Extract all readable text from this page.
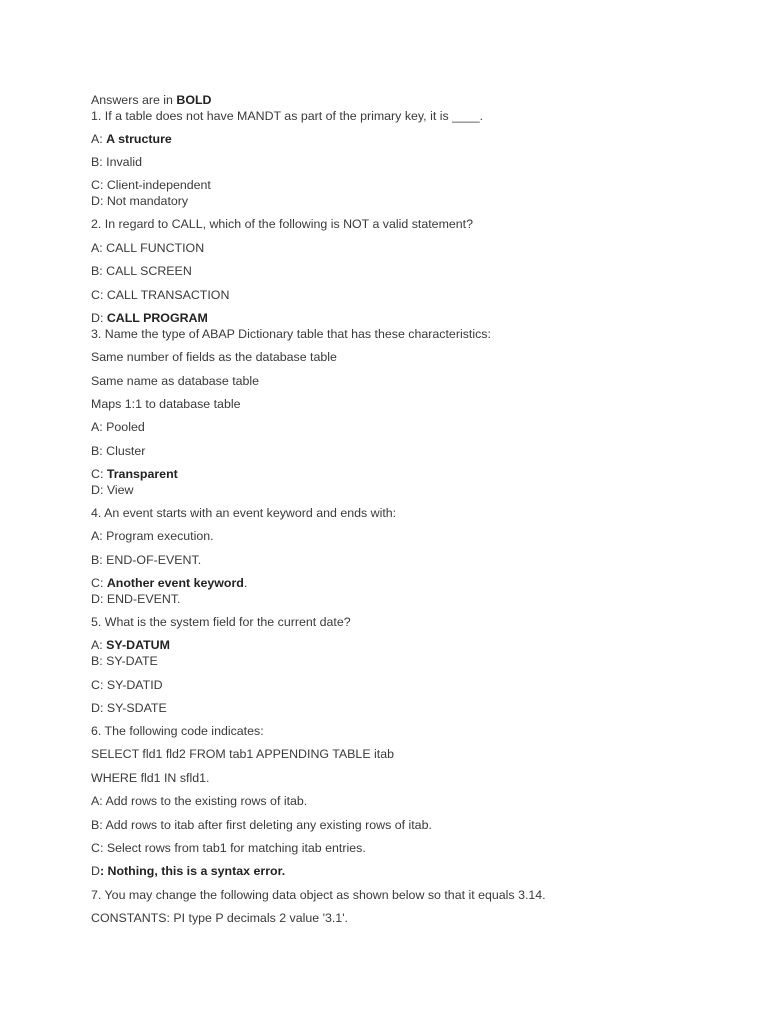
Answers are in BOLD
1. If a table does not have MANDT as part of the primary key, it is ____.
A: A structure
B: Invalid
C: Client-independent
D: Not mandatory
2. In regard to CALL, which of the following is NOT a valid statement?
A: CALL FUNCTION
B: CALL SCREEN
C: CALL TRANSACTION
D: CALL PROGRAM
3. Name the type of ABAP Dictionary table that has these characteristics:
Same number of fields as the database table
Same name as database table
Maps 1:1 to database table
A: Pooled
B: Cluster
C: Transparent
D: View
4. An event starts with an event keyword and ends with:
A: Program execution.
B: END-OF-EVENT.
C: Another event keyword.
D: END-EVENT.
5. What is the system field for the current date?
A: SY-DATUM
B: SY-DATE
C: SY-DATID
D: SY-SDATE
6. The following code indicates:
SELECT fld1 fld2 FROM tab1 APPENDING TABLE itab
WHERE fld1 IN sfld1.
A: Add rows to the existing rows of itab.
B: Add rows to itab after first deleting any existing rows of itab.
C: Select rows from tab1 for matching itab entries.
D: Nothing, this is a syntax error.
7. You may change the following data object as shown below so that it equals 3.14.
CONSTANTS: PI type P decimals 2 value '3.1'.
